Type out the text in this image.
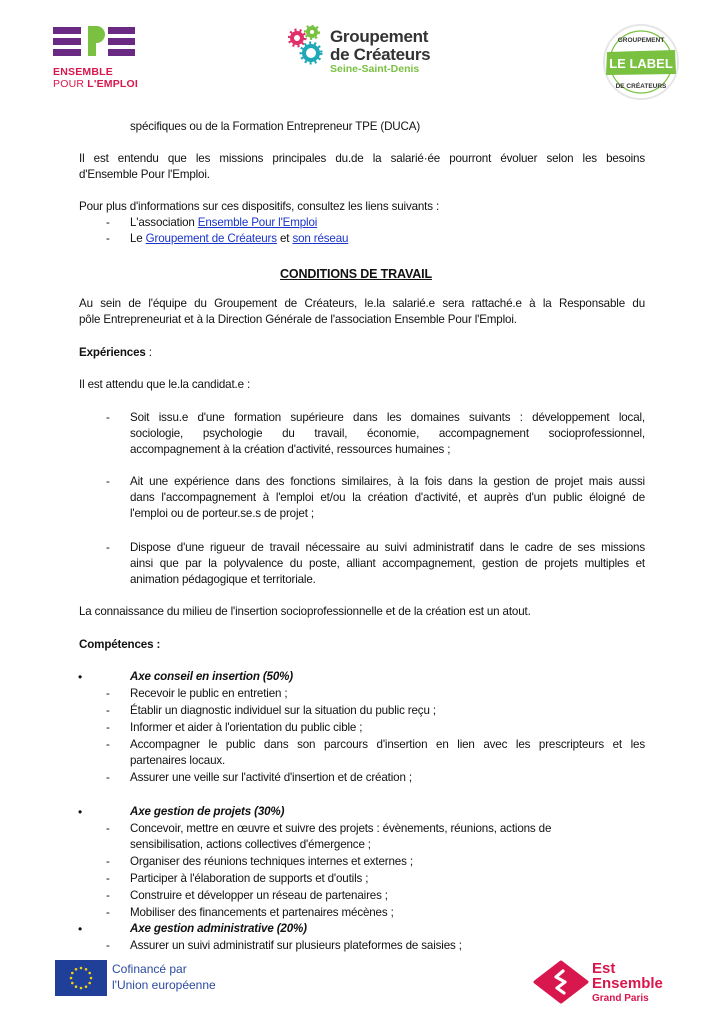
ENSEMBLE
POUR L'EMPLOI
Groupement
de Créateurs
Seine-Saint-Denis	LE LABEL
GROUPEMENT
DE CRÉATEURS
spécifiques ou de la Formation Entrepreneur TPE (DUCA)
Il est entendu que les missions principales du.de la salarié·ée pourront évoluer selon les besoins
d'Ensemble Pour l'Emploi.
Pour plus d'informations sur ces dispositifs, consultez les liens suivants :
- L'association Ensemble Pour l'Emploi
- Le Groupement de Créateurs et son réseau
CONDITIONS DE TRAVAIL
Au sein de l'équipe du Groupement de Créateurs, le.la salarié.e sera rattaché.e à la Responsable du
pôle Entrepreneuriat et à la Direction Générale de l'association Ensemble Pour l'Emploi.
Expériences :
Il est attendu que le.la candidat.e :
- Soit issu.e d'une formation supérieure dans les domaines suivants : développement local,
sociologie, psychologie du travail, économie, accompagnement socioprofessionnel,
accompagnement à la création d'activité, ressources humaines ;
- Ait une expérience dans des fonctions similaires, à la fois dans la gestion de projet mais aussi
dans l'accompagnement à l'emploi et/ou la création d'activité, et auprès d'un public éloigné de
l'emploi ou de porteur.se.s de projet ;
- Dispose d'une rigueur de travail nécessaire au suivi administratif dans le cadre de ses missions
ainsi que par la polyvalence du poste, alliant accompagnement, gestion de projets multiples et
animation pédagogique et territoriale.
La connaissance du milieu de l'insertion socioprofessionnelle et de la création est un atout.
Compétences :
•	Axe conseil en insertion (50%)
- Recevoir le public en entretien ;
- Établir un diagnostic individuel sur la situation du public reçu ;
- Informer et aider à l'orientation du public cible ;
- Accompagner le public dans son parcours d'insertion en lien avec les prescripteurs et les
partenaires locaux.
- Assurer une veille sur l'activité d'insertion et de création ;
•	Axe gestion de projets (30%)
- Concevoir, mettre en œuvre et suivre des projets : évènements, réunions, actions de
sensibilisation, actions collectives d'émergence ;
- Organiser des réunions techniques internes et externes ;
- Participer à l'élaboration de supports et d'outils ;
- Construire et développer un réseau de partenaires ;
- Mobiliser des financements et partenaires mécènes ;
•	Axe gestion administrative (20%)
- Assurer un suivi administratif sur plusieurs plateformes de saisies ;
Cofinancé par
l'Union européenne
Est
Ensemble
Grand Paris
